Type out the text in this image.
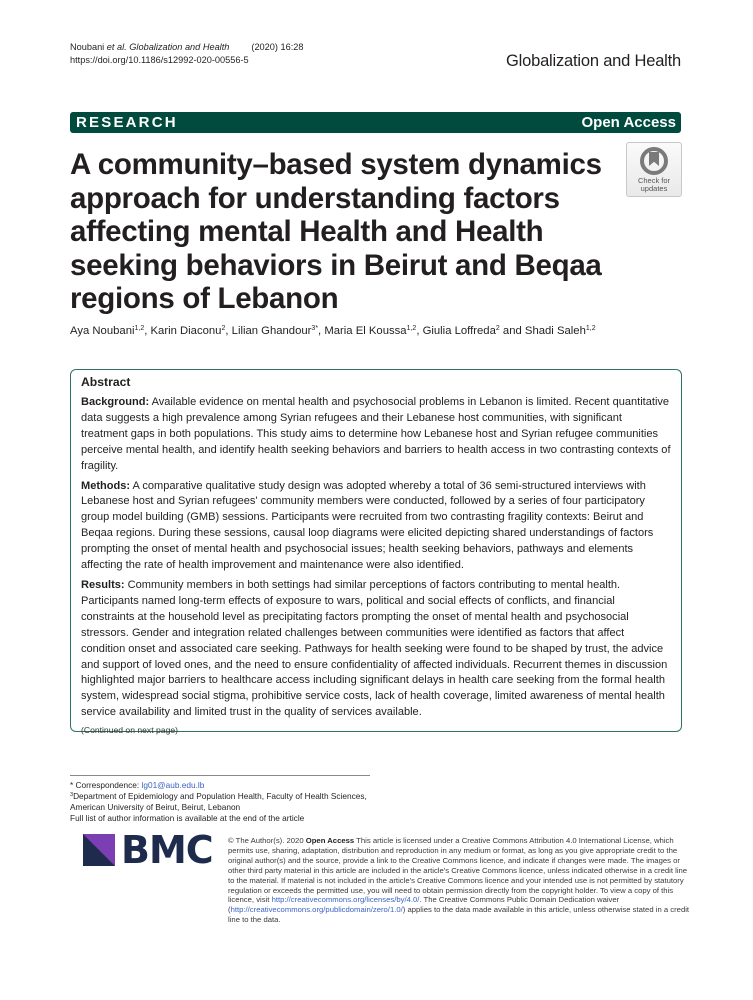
Noubani et al. Globalization and Health (2020) 16:28
https://doi.org/10.1186/s12992-020-00556-5	Globalization and Health
RESEARCH	Open Access
A community–based system dynamics approach for understanding factors affecting mental Health and Health seeking behaviors in Beirut and Beqaa regions of Lebanon
Check for
updates
Aya Noubani$^{1,2}$, Karin Diaconu$^2$, Lilian Ghandour$^{3*}$, Maria El Koussa$^{1,2}$, Giulia Loffreda$^2$ and Shadi Saleh$^{1,2}$
Abstract

Background: Available evidence on mental health and psychosocial problems in Lebanon is limited. Recent quantitative data suggests a high prevalence among Syrian refugees and their Lebanese host communities, with significant treatment gaps in both populations. This study aims to determine how Lebanese host and Syrian refugee communities perceive mental health, and identify health seeking behaviors and barriers to health access in two contrasting contexts of fragility.

Methods: A comparative qualitative study design was adopted whereby a total of 36 semi-structured interviews with Lebanese host and Syrian refugees' community members were conducted, followed by a series of four participatory group model building (GMB) sessions. Participants were recruited from two contrasting fragility contexts: Beirut and Beqaa regions. During these sessions, causal loop diagrams were elicited depicting shared understandings of factors prompting the onset of mental health and psychosocial issues; health seeking behaviors, pathways and elements affecting the rate of health improvement and maintenance were also identified.

Results: Community members in both settings had similar perceptions of factors contributing to mental health. Participants named long-term effects of exposure to wars, political and social effects of conflicts, and financial constraints at the household level as precipitating factors prompting the onset of mental health and psychosocial stressors. Gender and integration related challenges between communities were identified as factors that affect condition onset and associated care seeking. Pathways for health seeking were found to be shaped by trust, the advice and support of loved ones, and the need to ensure confidentiality of affected individuals. Recurrent themes in discussion highlighted major barriers to healthcare access including significant delays in health care seeking from the formal health system, widespread social stigma, prohibitive service costs, lack of health coverage, limited awareness of mental health service availability and limited trust in the quality of services available.

(Continued on next page)
* Correspondence: lg01@aub.edu.lb
$^3$Department of Epidemiology and Population Health, Faculty of Health Sciences, American University of Beirut, Beirut, Lebanon
Full list of author information is available at the end of the article
BMC © The Author(s). 2020 Open Access This article is licensed under a Creative Commons Attribution 4.0 International License, which permits use, sharing, adaptation, distribution and reproduction in any medium or format, as long as you give appropriate credit to the original author(s) and the source, provide a link to the Creative Commons licence, and indicate if changes were made. The images or other third party material in this article are included in the article's Creative Commons licence, unless indicated otherwise in a credit line to the material. If material is not included in the article's Creative Commons licence and your intended use is not permitted by statutory regulation or exceeds the permitted use, you will need to obtain permission directly from the copyright holder. To view a copy of this licence, visit http://creativecommons.org/licenses/by/4.0/. The Creative Commons Public Domain Dedication waiver (http://creativecommons.org/publicdomain/zero/1.0/) applies to the data made available in this article, unless otherwise stated in a credit line to the data.
